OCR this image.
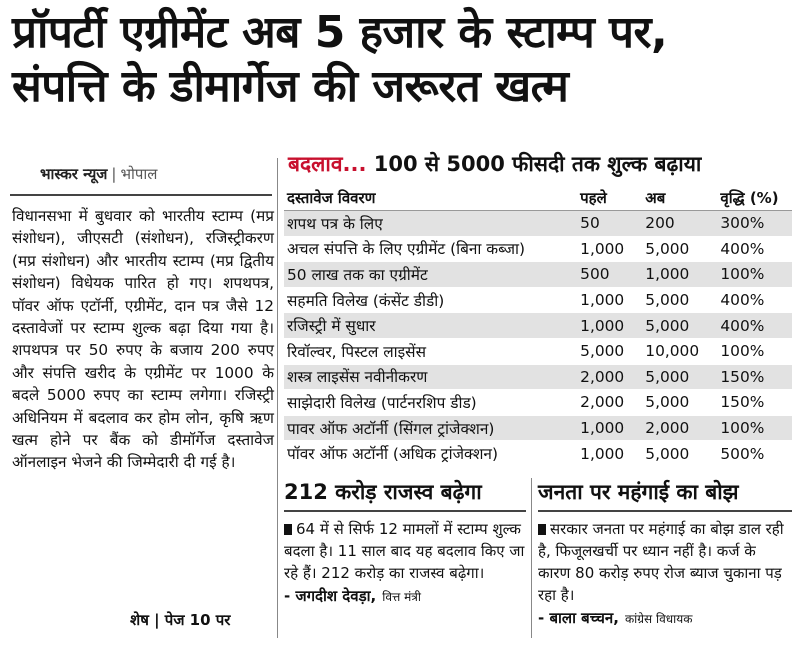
प्रॉपर्टी एग्रीमेंट अब 5 हजार के स्टाम्प पर,
संपत्ति के डीमार्गेज की जरूरत खत्म
भास्कर न्यूज | भोपाल
विधानसभा में बुधवार को भारतीय स्टाम्प (मप्र संशोधन), जीएसटी (संशोधन), रजिस्ट्रीकरण (मप्र संशोधन) और भारतीय स्टाम्प (मप्र द्वितीय संशोधन) विधेयक पारित हो गए। शपथपत्र, पॉवर ऑफ एटॉर्नी, एग्रीमेंट, दान पत्र जैसे 12 दस्तावेजों पर स्टाम्प शुल्क बढ़ा दिया गया है। शपथपत्र पर 50 रुपए के बजाय 200 रुपए और संपत्ति खरीद के एग्रीमेंट पर 1000 के बदले 5000 रुपए का स्टाम्प लगेगा। रजिस्ट्री अधिनियम में बदलाव कर होम लोन, कृषि ऋण खत्म होने पर बैंक को डीमॉर्गेज दस्तावेज ऑनलाइन भेजने की जिम्मेदारी दी गई है।
शेष | पेज 10 पर
बदलाव... 100 से 5000 फीसदी तक शुल्क बढ़ाया
दस्तावेज विवरण	पहले	अब	वृद्धि (%)
शपथ पत्र के लिए	50	200	300%
अचल संपत्ति के लिए एग्रीमेंट (बिना कब्जा)	1,000	5,000	400%
50 लाख तक का एग्रीमेंट	500	1,000	100%
सहमति विलेख (कंसेंट डीडी)	1,000	5,000	400%
रजिस्ट्री में सुधार	1,000	5,000	400%
रिवॉल्वर, पिस्टल लाइसेंस	5,000	10,000	100%
शस्त्र लाइसेंस नवीनीकरण	2,000	5,000	150%
साझेदारी विलेख (पार्टनरशिप डीड)	2,000	5,000	150%
पावर ऑफ अटॉर्नी (सिंगल ट्रांजेक्शन)	1,000	2,000	100%
पॉवर ऑफ अटॉर्नी (अधिक ट्रांजेक्शन)	1,000	5,000	500%
212 करोड़ राजस्व बढ़ेगा

64 में से सिर्फ 12 मामलों में स्टाम्प शुल्क बदला है। 11 साल बाद यह बदलाव किए जा रहे हैं। 212 करोड़ का राजस्व बढ़ेगा।

- जगदीश देवड़ा, वित्त मंत्री
जनता पर महंगाई का बोझ

सरकार जनता पर महंगाई का बोझ डाल रही है, फिजूलखर्ची पर ध्यान नहीं है। कर्ज के कारण 80 करोड़ रुपए रोज ब्याज चुकाना पड़ रहा है।

- बाला बच्चन, कांग्रेस विधायक
